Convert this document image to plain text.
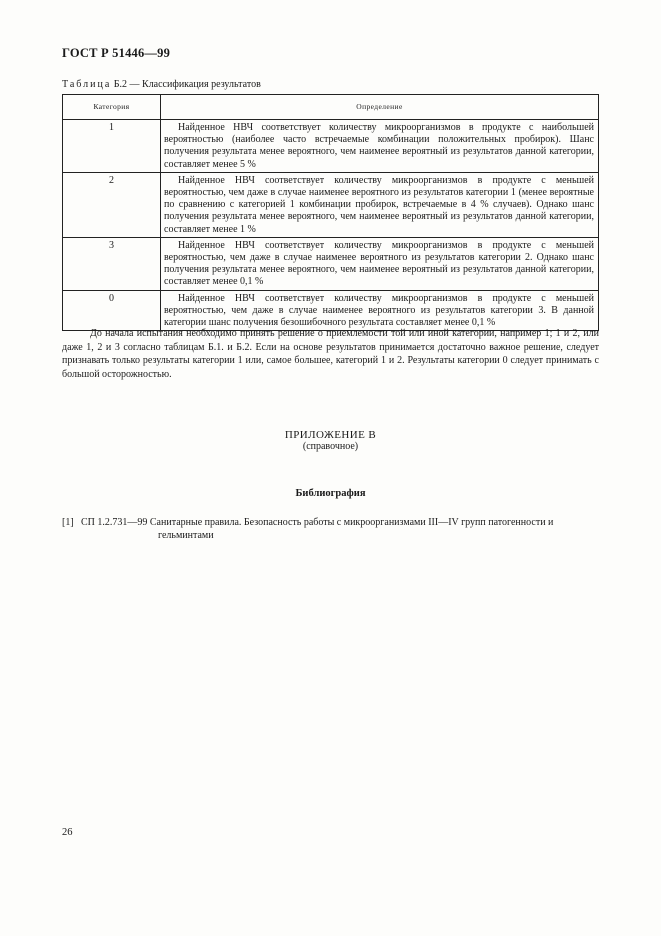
ГОСТ Р 51446—99
Таблица Б.2 — Классификация результатов
Категория	Определение
1	Найденное НВЧ соответствует количеству микроорганизмов в продукте с наибольшей вероятностью (наиболее часто встречаемые комбинации положительных пробирок). Шанс получения результата менее вероятного, чем наименее вероятный из результатов данной категории, составляет менее 5 %

2	Найденное НВЧ соответствует количеству микроорганизмов в продукте с меньшей вероятностью, чем даже в случае наименее вероятного из результатов категории 1 (менее вероятные по сравнению с категорией 1 комбинации пробирок, встречаемые в 4 % случаев). Однако шанс получения результата менее вероятного, чем наименее вероятный из результатов данной категории, составляет менее 1 %

3	Найденное НВЧ соответствует количеству микроорганизмов в продукте с меньшей вероятностью, чем даже в случае наименее вероятного из результатов категории 2. Однако шанс получения результата менее вероятного, чем наименее вероятный из результатов данной категории, составляет менее 0,1 %

0	Найденное НВЧ соответствует количеству микроорганизмов в продукте с меньшей вероятностью, чем даже в случае наименее вероятного из результатов категории 3. В данной категории шанс получения безошибочного результата составляет менее 0,1 %

До начала испытания необходимо принять решение о приемлемости той или иной категории, например 1; 1 и 2, или даже 1, 2 и 3 согласно таблицам Б.1. и Б.2. Если на основе результатов принимается достаточно важное решение, следует признавать только результаты категории 1 или, самое большее, категорий 1 и 2. Результаты категории 0 следует принимать с большой осторожностью.

ПРИЛОЖЕНИЕ В
(справочное)
Библиография
[1] СП 1.2.731—99 Санитарные правила. Безопасность работы с микроорганизмами III—IV групп патогенности и гельминтами
26
